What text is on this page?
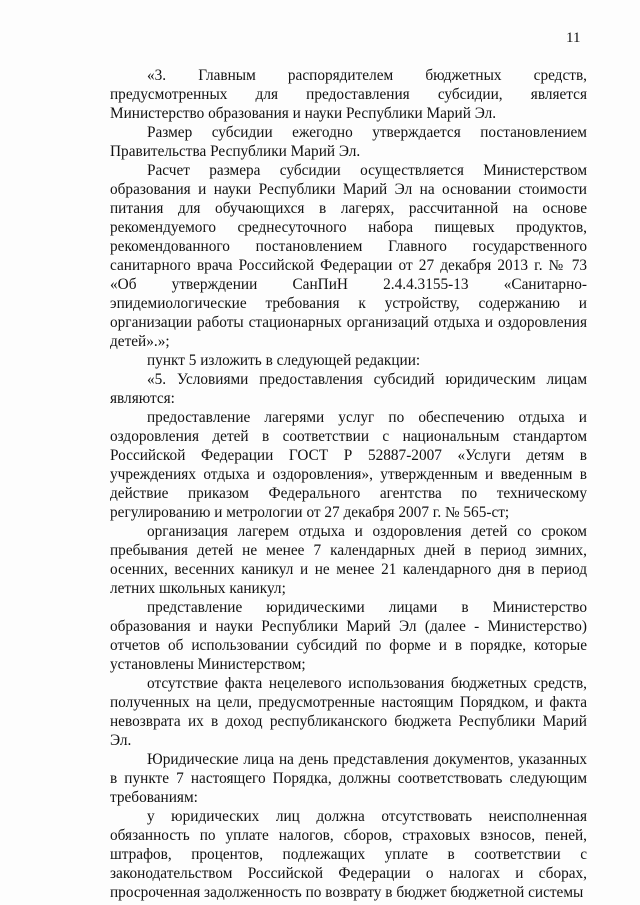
11

«3. Главным распорядителем бюджетных средств, предусмотренных для предоставления субсидии, является Министерство образования и науки Республики Марий Эл.

Размер субсидии ежегодно утверждается постановлением Правительства Республики Марий Эл.

Расчет размера субсидии осуществляется Министерством образования и науки Республики Марий Эл на основании стоимости питания для обучающихся в лагерях, рассчитанной на основе рекомендуемого среднесуточного набора пищевых продуктов, рекомендованного постановлением Главного государственного санитарного врача Российской Федерации от 27 декабря 2013 г. № 73 «Об утверждении СанПиН 2.4.4.3155-13 «Санитарно-эпидемиологические требования к устройству, содержанию и организации работы стационарных организаций отдыха и оздоровления детей».»;

пункт 5 изложить в следующей редакции:

«5. Условиями предоставления субсидий юридическим лицам являются:

предоставление лагерями услуг по обеспечению отдыха и оздоровления детей в соответствии с национальным стандартом Российской Федерации ГОСТ Р 52887-2007 «Услуги детям в учреждениях отдыха и оздоровления», утвержденным и введенным в действие приказом Федерального агентства по техническому регулированию и метрологии от 27 декабря 2007 г. № 565-ст;

организация лагерем отдыха и оздоровления детей со сроком пребывания детей не менее 7 календарных дней в период зимних, осенних, весенних каникул и не менее 21 календарного дня в период летних школьных каникул;

представление юридическими лицами в Министерство образования и науки Республики Марий Эл (далее - Министерство) отчетов об использовании субсидий по форме и в порядке, которые установлены Министерством;

отсутствие факта нецелевого использования бюджетных средств, полученных на цели, предусмотренные настоящим Порядком, и факта невозврата их в доход республиканского бюджета Республики Марий Эл.

Юридические лица на день представления документов, указанных в пункте 7 настоящего Порядка, должны соответствовать следующим требованиям:

у юридических лиц должна отсутствовать неисполненная обязанность по уплате налогов, сборов, страховых взносов, пеней, штрафов, процентов, подлежащих уплате в соответствии с законодательством Российской Федерации о налогах и сборах, просроченная задолженность по возврату в бюджет бюджетной системы
